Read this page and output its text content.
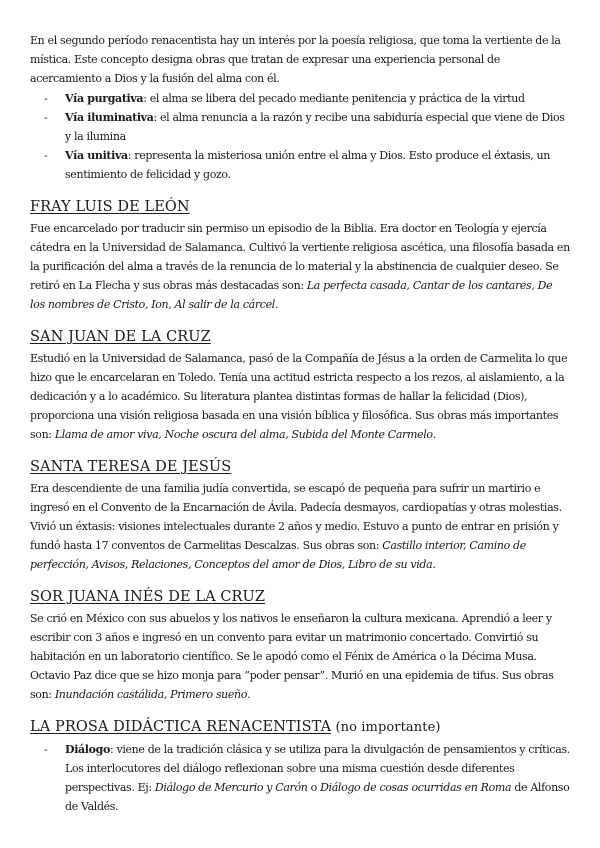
En el segundo período renacentista hay un interés por la poesía religiosa, que toma la vertiente de la mística. Este concepto designa obras que tratan de expresar una experiencia personal de acercamiento a Dios y la fusión del alma con él.

- Vía purgativa: el alma se libera del pecado mediante penitencia y práctica de la virtud
- Vía iluminativa: el alma renuncia a la razón y recibe una sabiduría especial que viene de Dios y la ilumina
- Vía unitiva: representa la misteriosa unión entre el alma y Dios. Esto produce el éxtasis, un sentimiento de felicidad y gozo.
FRAY LUIS DE LEÓN

Fue encarcelado por traducir sin permiso un episodio de la Biblia. Era doctor en Teología y ejercía cátedra en la Universidad de Salamanca. Cultivó la vertiente religiosa ascética, una filosofía basada en la purificación del alma a través de la renuncia de lo material y la abstinencia de cualquier deseo. Se retiró en La Flecha y sus obras más destacadas son: La perfecta casada, Cantar de los cantares, De los nombres de Cristo, Ion, Al salir de la cárcel.

SAN JUAN DE LA CRUZ

Estudió en la Universidad de Salamanca, pasó de la Compañía de Jésus a la orden de Carmelita lo que hizo que le encarcelaran en Toledo. Tenía una actitud estricta respecto a los rezos, al aislamiento, a la dedicación y a lo académico. Su literatura plantea distintas formas de hallar la felicidad (Dios), proporciona una visión religiosa basada en una visión bíblica y filosófica. Sus obras más importantes son: Llama de amor viva, Noche oscura del alma, Subida del Monte Carmelo.

SANTA TERESA DE JESÚS

Era descendiente de una familia judía convertida, se escapó de pequeña para sufrir un martirio e ingresó en el Convento de la Encarnación de Ávila. Padecía desmayos, cardiopatías y otras molestias. Vivió un éxtasis: visiones intelectuales durante 2 años y medio. Estuvo a punto de entrar en prisión y fundó hasta 17 conventos de Carmelitas Descalzas. Sus obras son: Castillo interior, Camino de perfección, Avisos, Relaciones, Conceptos del amor de Dios, Libro de su vida.

SOR JUANA INÉS DE LA CRUZ

Se crió en México con sus abuelos y los nativos le enseñaron la cultura mexicana. Aprendió a leer y escribir con 3 años e ingresó en un convento para evitar un matrimonio concertado. Convirtió su habitación en un laboratorio científico. Se le apodó como el Fénix de América o la Décima Musa. Octavio Paz dice que se hizo monja para “poder pensar”. Murió en una epidemia de tifus. Sus obras son: Inundación castálida, Primero sueño.

LA PROSA DIDÁCTICA RENACENTISTA (no importante)
- Diálogo: viene de la tradición clásica y se utiliza para la divulgación de pensamientos y críticas. Los interlocutores del diálogo reflexionan sobre una misma cuestión desde diferentes perspectivas. Ej: Diálogo de Mercurio y Carón o Diálogo de cosas ocurridas en Roma de Alfonso de Valdés.
